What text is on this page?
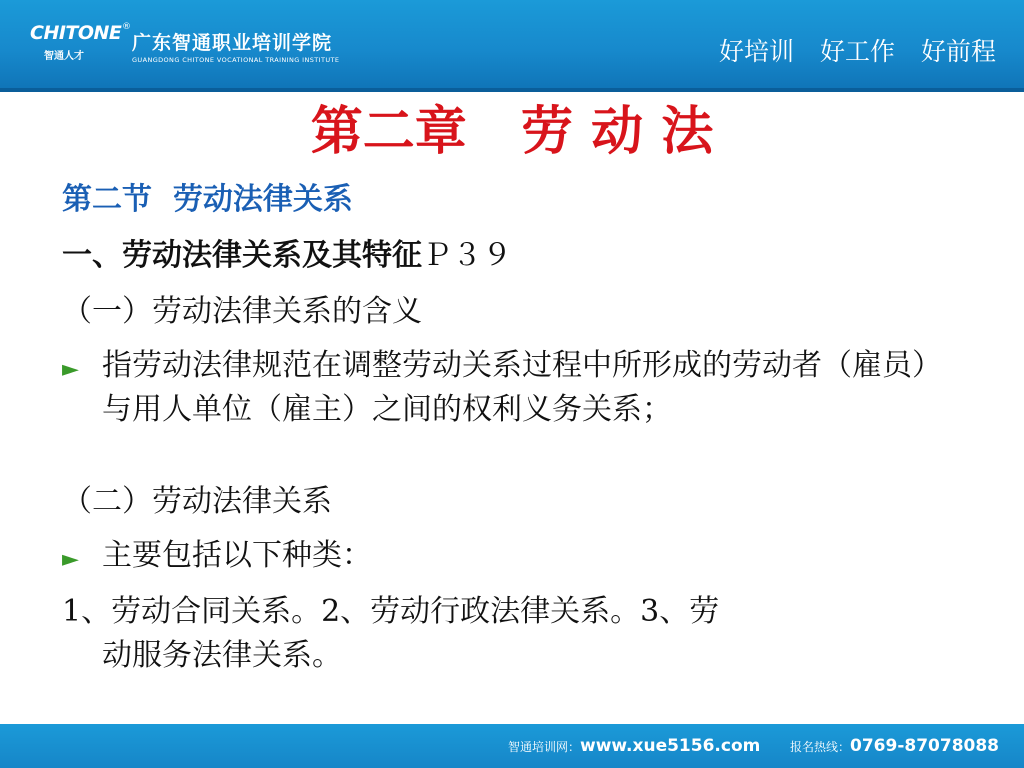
CHITONE ®
智通人才
广东智通职业培训学院
GUANGDONG CHITONE VOCATIONAL TRAINING INSTITUTE	好培训 好工作 好前程
第二章   劳 动 法
第二节  劳动法律关系
一、劳动法律关系及其特征Ｐ３９
（一）劳动法律关系的含义
► 指劳动法律规范在调整劳动关系过程中所形成的劳动者（雇员）与用人单位（雇主）之间的权利义务关系；
（二）劳动法律关系
► 主要包括以下种类：
1、劳动合同关系。2、劳动行政法律关系。3、劳
动服务法律关系。
智通培训网：www.xue5156.com 报名热线：0769-87078088
